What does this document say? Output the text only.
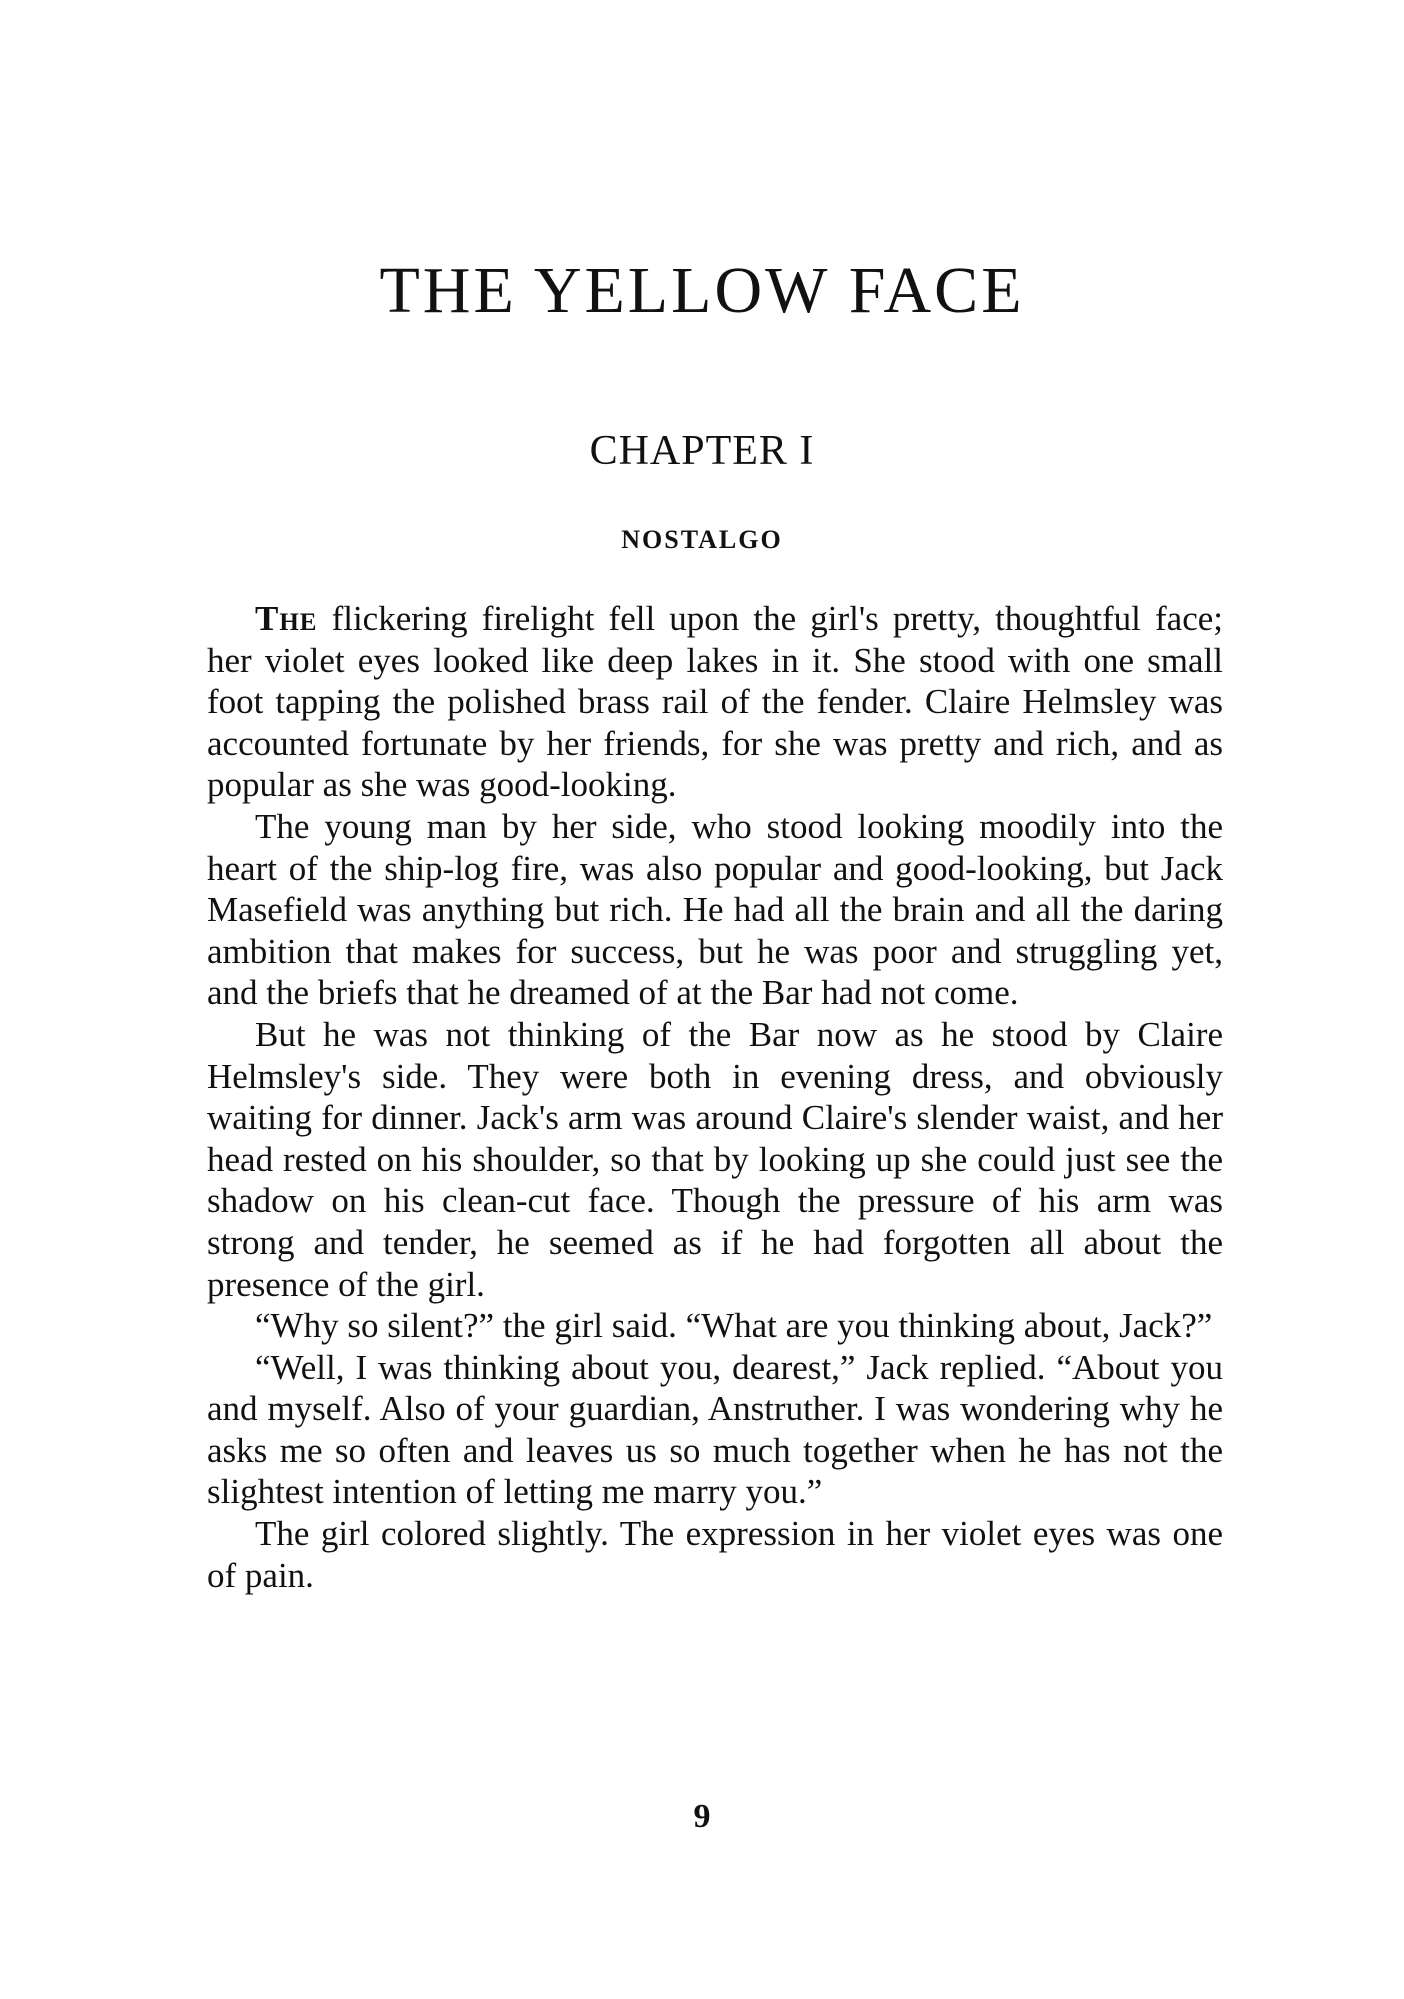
THE YELLOW FACE
CHAPTER I
NOSTALGO

The flickering firelight fell upon the girl's pretty, thoughtful face; her violet eyes looked like deep lakes in it. She stood with one small foot tapping the polished brass rail of the fender. Claire Helmsley was accounted fortunate by her friends, for she was pretty and rich, and as popular as she was good-looking.

The young man by her side, who stood looking moodily into the heart of the ship-log fire, was also popular and good-looking, but Jack Masefield was anything but rich. He had all the brain and all the daring ambition that makes for success, but he was poor and struggling yet, and the briefs that he dreamed of at the Bar had not come.

But he was not thinking of the Bar now as he stood by Claire Helmsley's side. They were both in evening dress, and obviously waiting for dinner. Jack's arm was around Claire's slender waist, and her head rested on his shoulder, so that by looking up she could just see the shadow on his clean-cut face. Though the pressure of his arm was strong and tender, he seemed as if he had forgotten all about the presence of the girl.

“Why so silent?” the girl said. “What are you thinking about, Jack?”

“Well, I was thinking about you, dearest,” Jack replied. “About you and myself. Also of your guardian, Anstruther. I was wondering why he asks me so often and leaves us so much together when he has not the slightest intention of letting me marry you.”

The girl colored slightly. The expression in her violet eyes was one of pain.

9
